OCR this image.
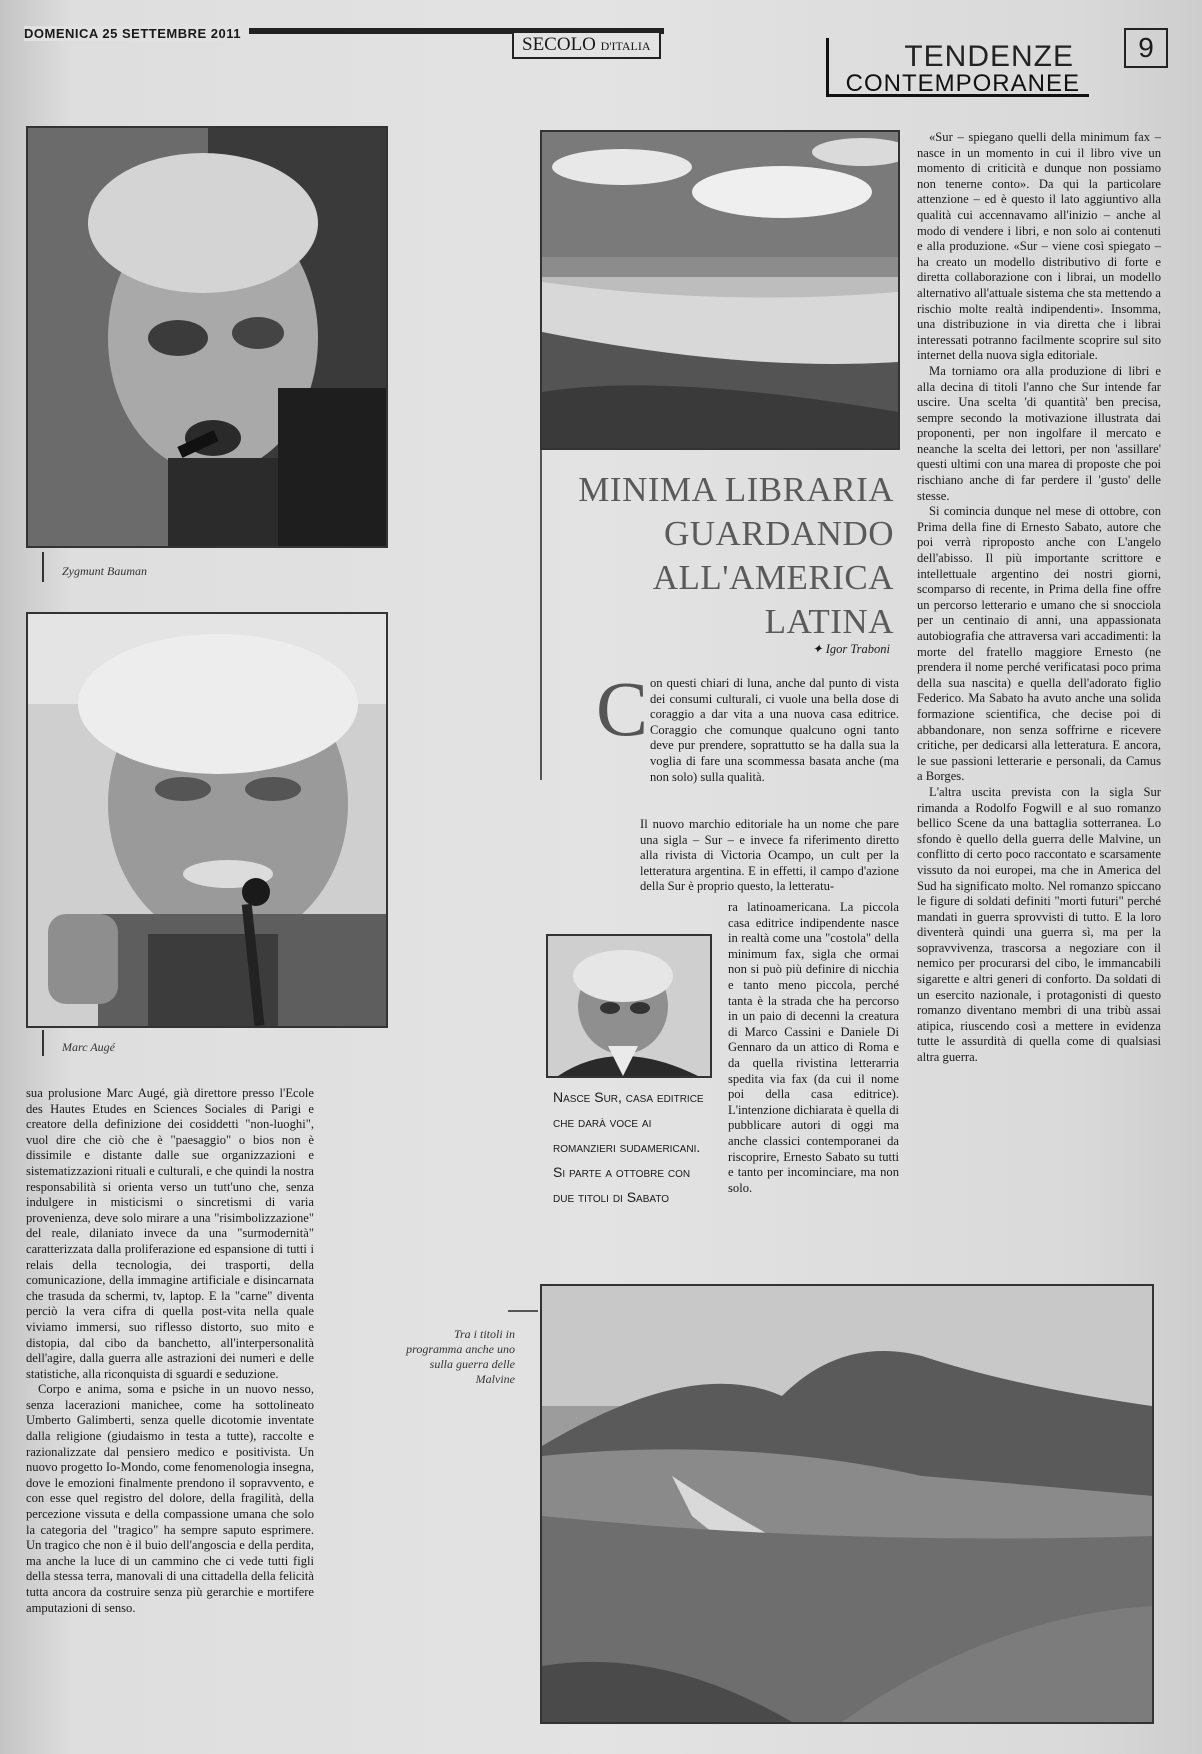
DOMENICA 25 SETTEMBRE 2011
SECOLO D'ITALIA	TENDENZE
CONTEMPORANEE
9
Zygmunt Bauman
Marc Augé

sua prolusione Marc Augé, già direttore presso l'Ecole des Hautes Etudes en Sciences Sociales di Parigi e creatore della definizione dei cosiddetti "non-luoghi", vuol dire che ciò che è "paesaggio" o bios non è dissimile e distante dalle sue organizzazioni e sistematizzazioni rituali e culturali, e che quindi la nostra responsabilità si orienta verso un tutt'uno che, senza indulgere in misticismi o sincretismi di varia provenienza, deve solo mirare a una "risimbolizzazione" del reale, dilaniato invece da una "surmodernità" caratterizzata dalla proliferazione ed espansione di tutti i relais della tecnologia, dei trasporti, della comunicazione, della immagine artificiale e disincarnata che trasuda da schermi, tv, laptop. E la "carne" diventa perciò la vera cifra di quella post-vita nella quale viviamo immersi, suo riflesso distorto, suo mito e distopia, dal cibo da banchetto, all'interpersonalità dell'agire, dalla guerra alle astrazioni dei numeri e delle statistiche, alla riconquista di sguardi e seduzione.

Corpo e anima, soma e psiche in un nuovo nesso, senza lacerazioni manichee, come ha sottolineato Umberto Galimberti, senza quelle dicotomie inventate dalla religione (giudaismo in testa a tutte), raccolte e razionalizzate dal pensiero medico e positivista. Un nuovo progetto Io-Mondo, come fenomenologia insegna, dove le emozioni finalmente prendono il sopravvento, e con esse quel registro del dolore, della fragilità, della percezione vissuta e della compassione umana che solo la categoria del "tragico" ha sempre saputo esprimere. Un tragico che non è il buio dell'angoscia e della perdita, ma anche la luce di un cammino che ci vede tutti figli della stessa terra, manovali di una cittadella della felicità tutta ancora da costruire senza più gerarchie e mortifere amputazioni di senso.

MINIMA LIBRARIA
GUARDANDO
ALL'AMERICA LATINA
✦ Igor Traboni
C on questi chiari di luna, anche dal punto di vista dei consumi culturali, ci vuole una bella dose di coraggio a dar vita a una nuova casa editrice. Coraggio che comunque qualcuno ogni tanto deve pur prendere, soprattutto se ha dalla sua la voglia di fare una scommessa basata anche (ma non solo) sulla qualità.
Il nuovo marchio editoriale ha un nome che pare una sigla – Sur – e invece fa riferimento diretto alla rivista di Victoria Ocampo, un cult per la letteratura argentina. E in effetti, il campo d'azione della Sur è proprio questo, la letteratu-
ra latinoamericana. La piccola casa editrice indipendente nasce in realtà come una "costola" della minimum fax, sigla che ormai non si può più definire di nicchia e tanto meno piccola, perché tanta è la strada che ha percorso in un paio di decenni la creatura di Marco Cassini e Daniele Di Gennaro da un attico di Roma e da quella rivistina letterarria spedita via fax (da cui il nome poi della casa editrice). L'intenzione dichiarata è quella di pubblicare autori di oggi ma anche classici contemporanei da riscoprire, Ernesto Sabato su tutti e tanto per incominciare, ma non solo.
Nasce Sur, casa editrice che darà voce ai romanzieri sudamericani. Si parte a ottobre con due titoli di Sabato

«Sur – spiegano quelli della minimum fax – nasce in un momento in cui il libro vive un momento di criticità e dunque non possiamo non tenerne conto». Da qui la particolare attenzione – ed è questo il lato aggiuntivo alla qualità cui accennavamo all'inizio – anche al modo di vendere i libri, e non solo ai contenuti e alla produzione. «Sur – viene così spiegato – ha creato un modello distributivo di forte e diretta collaborazione con i librai, un modello alternativo all'attuale sistema che sta mettendo a rischio molte realtà indipendenti». Insomma, una distribuzione in via diretta che i librai interessati potranno facilmente scoprire sul sito internet della nuova sigla editoriale.

Ma torniamo ora alla produzione di libri e alla decina di titoli l'anno che Sur intende far uscire. Una scelta 'di quantità' ben precisa, sempre secondo la motivazione illustrata dai proponenti, per non ingolfare il mercato e neanche la scelta dei lettori, per non 'assillare' questi ultimi con una marea di proposte che poi rischiano anche di far perdere il 'gusto' delle stesse.

Si comincia dunque nel mese di ottobre, con Prima della fine di Ernesto Sabato, autore che poi verrà riproposto anche con L'angelo dell'abisso. Il più importante scrittore e intellettuale argentino dei nostri giorni, scomparso di recente, in Prima della fine offre un percorso letterario e umano che si snocciola per un centinaio di anni, una appassionata autobiografia che attraversa vari accadimenti: la morte del fratello maggiore Ernesto (ne prendera il nome perché verificatasi poco prima della sua nascita) e quella dell'adorato figlio Federico. Ma Sabato ha avuto anche una solida formazione scientifica, che decise poi di abbandonare, non senza soffrirne e ricevere critiche, per dedicarsi alla letteratura. E ancora, le sue passioni letterarie e personali, da Camus a Borges.

L'altra uscita prevista con la sigla Sur rimanda a Rodolfo Fogwill e al suo romanzo bellico Scene da una battaglia sotterranea. Lo sfondo è quello della guerra delle Malvine, un conflitto di certo poco raccontato e scarsamente vissuto da noi europei, ma che in America del Sud ha significato molto. Nel romanzo spiccano le figure di soldati definiti "morti futuri" perché mandati in guerra sprovvisti di tutto. E la loro diventerà quindi una guerra sì, ma per la sopravvivenza, trascorsa a negoziare con il nemico per procurarsi del cibo, le immancabili sigarette e altri generi di conforto. Da soldati di un esercito nazionale, i protagonisti di questo romanzo diventano membri di una tribù assai atipica, riuscendo così a mettere in evidenza tutte le assurdità di quella come di qualsiasi altra guerra.

Tra i titoli in programma anche uno sulla guerra delle Malvine
